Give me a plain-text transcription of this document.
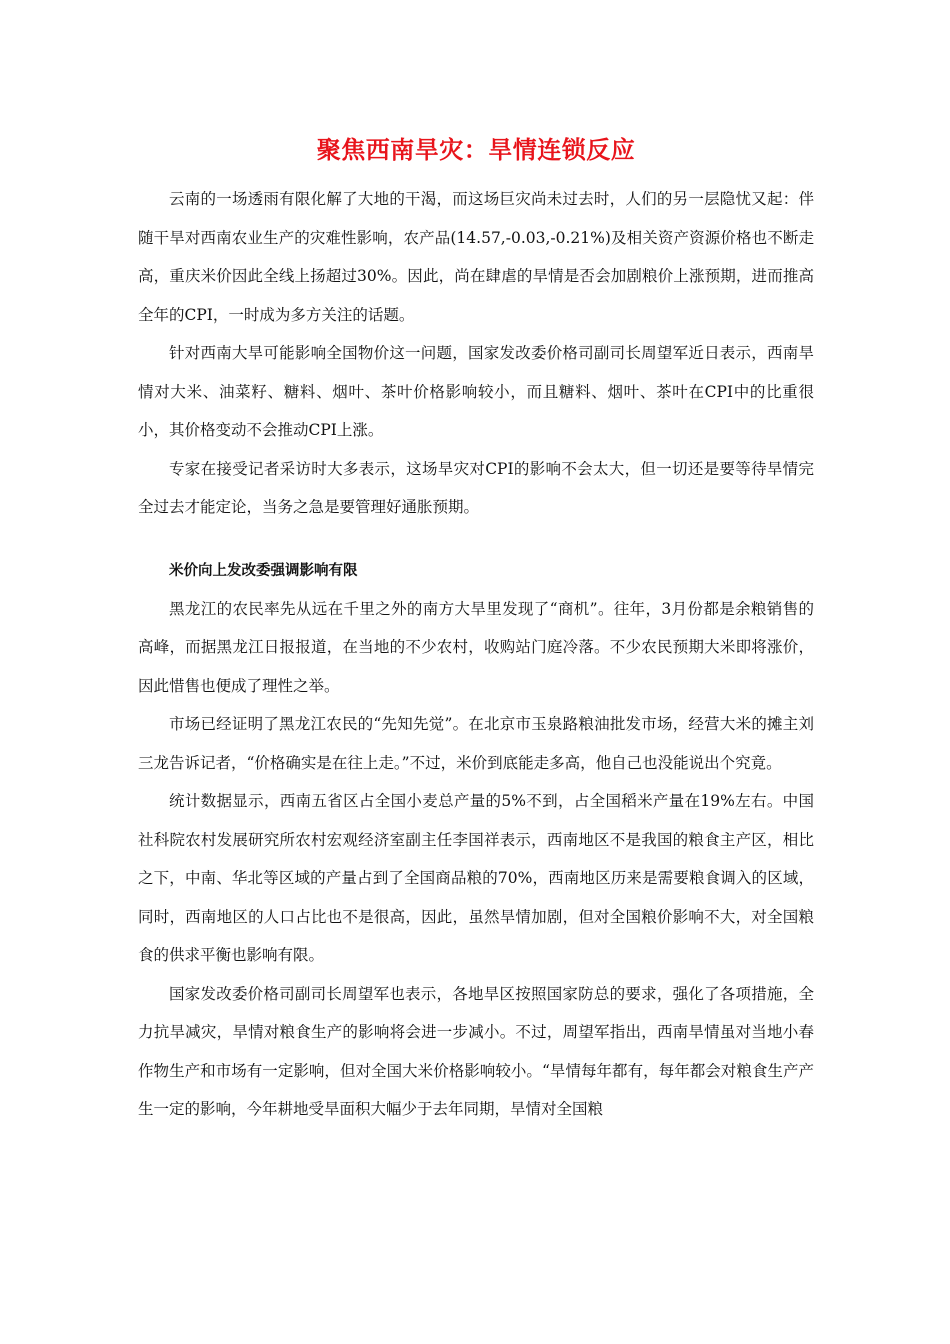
聚焦西南旱灾：旱情连锁反应

云南的一场透雨有限化解了大地的干渴，而这场巨灾尚未过去时，人们的另一层隐忧又起：伴随干旱对西南农业生产的灾难性影响，农产品(14.57,-0.03,-0.21%)及相关资产资源价格也不断走高，重庆米价因此全线上扬超过30%。因此，尚在肆虐的旱情是否会加剧粮价上涨预期，进而推高全年的CPI，一时成为多方关注的话题。

针对西南大旱可能影响全国物价这一问题，国家发改委价格司副司长周望军近日表示，西南旱情对大米、油菜籽、糖料、烟叶、茶叶价格影响较小，而且糖料、烟叶、茶叶在CPI中的比重很小，其价格变动不会推动CPI上涨。

专家在接受记者采访时大多表示，这场旱灾对CPI的影响不会太大，但一切还是要等待旱情完全过去才能定论，当务之急是要管理好通胀预期。

米价向上发改委强调影响有限

黑龙江的农民率先从远在千里之外的南方大旱里发现了“商机”。往年，3月份都是余粮销售的高峰，而据黑龙江日报报道，在当地的不少农村，收购站门庭冷落。不少农民预期大米即将涨价，因此惜售也便成了理性之举。

市场已经证明了黑龙江农民的“先知先觉”。在北京市玉泉路粮油批发市场，经营大米的摊主刘三龙告诉记者，“价格确实是在往上走。”不过，米价到底能走多高，他自己也没能说出个究竟。

统计数据显示，西南五省区占全国小麦总产量的5%不到，占全国稻米产量在19%左右。中国社科院农村发展研究所农村宏观经济室副主任李国祥表示，西南地区不是我国的粮食主产区，相比之下，中南、华北等区域的产量占到了全国商品粮的70%，西南地区历来是需要粮食调入的区域，同时，西南地区的人口占比也不是很高，因此，虽然旱情加剧，但对全国粮价影响不大，对全国粮食的供求平衡也影响有限。

国家发改委价格司副司长周望军也表示，各地旱区按照国家防总的要求，强化了各项措施，全力抗旱减灾，旱情对粮食生产的影响将会进一步减小。不过，周望军指出，西南旱情虽对当地小春作物生产和市场有一定影响，但对全国大米价格影响较小。“旱情每年都有，每年都会对粮食生产产生一定的影响，今年耕地受旱面积大幅少于去年同期，旱情对全国粮
